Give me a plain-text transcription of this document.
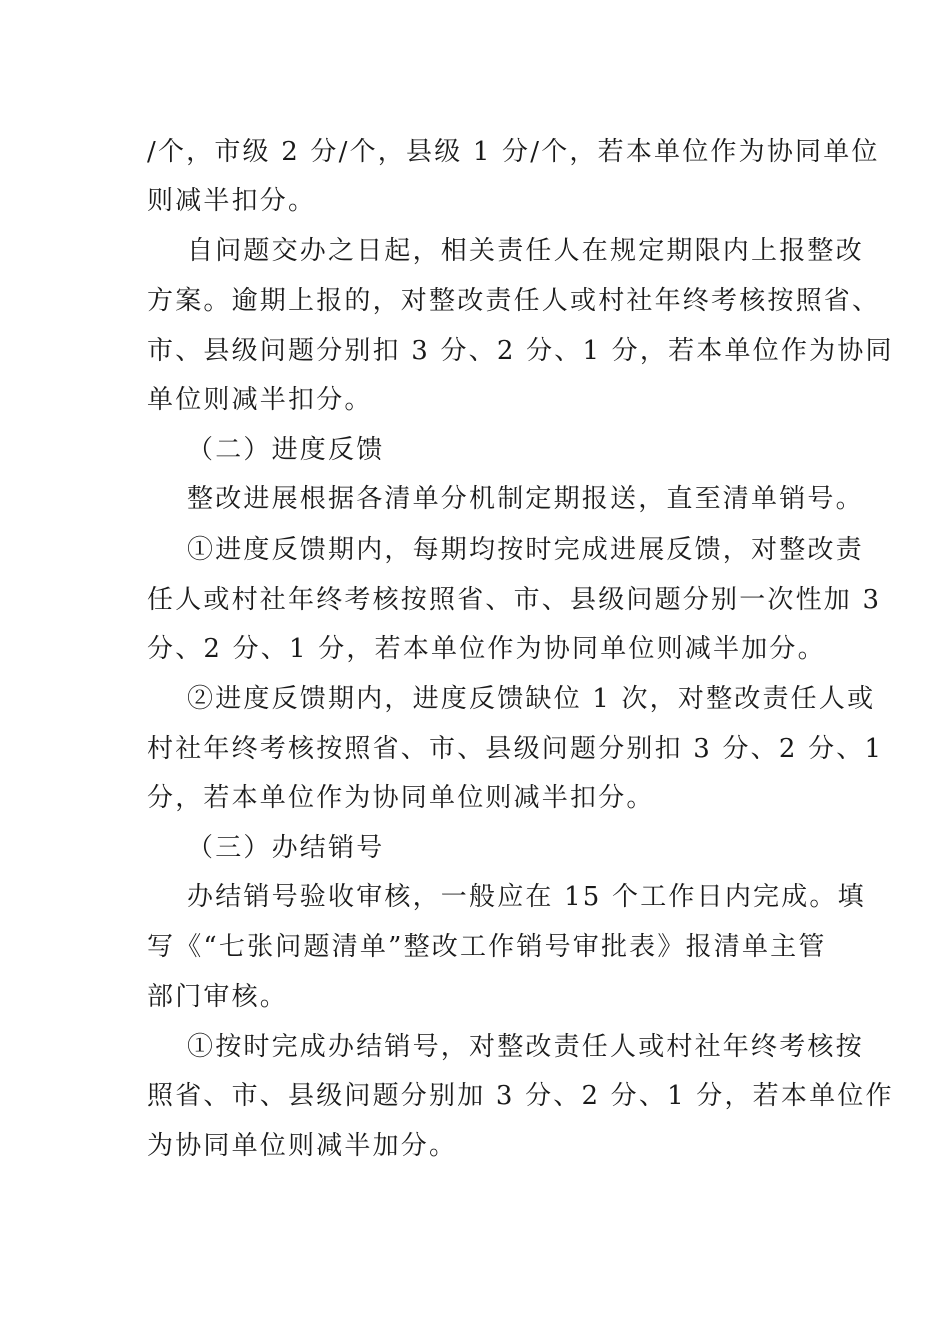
/个，市级 2 分/个，县级 1 分/个，若本单位作为协同单位
则减半扣分。
自问题交办之日起，相关责任人在规定期限内上报整改
方案。逾期上报的，对整改责任人或村社年终考核按照省、
市、县级问题分别扣 3 分、2 分、1 分，若本单位作为协同
单位则减半扣分。
（二）进度反馈
整改进展根据各清单分机制定期报送，直至清单销号。
①进度反馈期内，每期均按时完成进展反馈，对整改责
任人或村社年终考核按照省、市、县级问题分别一次性加 3
分、2 分、1 分，若本单位作为协同单位则减半加分。
②进度反馈期内，进度反馈缺位 1 次，对整改责任人或
村社年终考核按照省、市、县级问题分别扣 3 分、2 分、1
分，若本单位作为协同单位则减半扣分。
（三）办结销号
办结销号验收审核，一般应在 15 个工作日内完成。填
写《“七张问题清单”整改工作销号审批表》报清单主管
部门审核。
①按时完成办结销号，对整改责任人或村社年终考核按
照省、市、县级问题分别加 3 分、2 分、1 分，若本单位作
为协同单位则减半加分。
